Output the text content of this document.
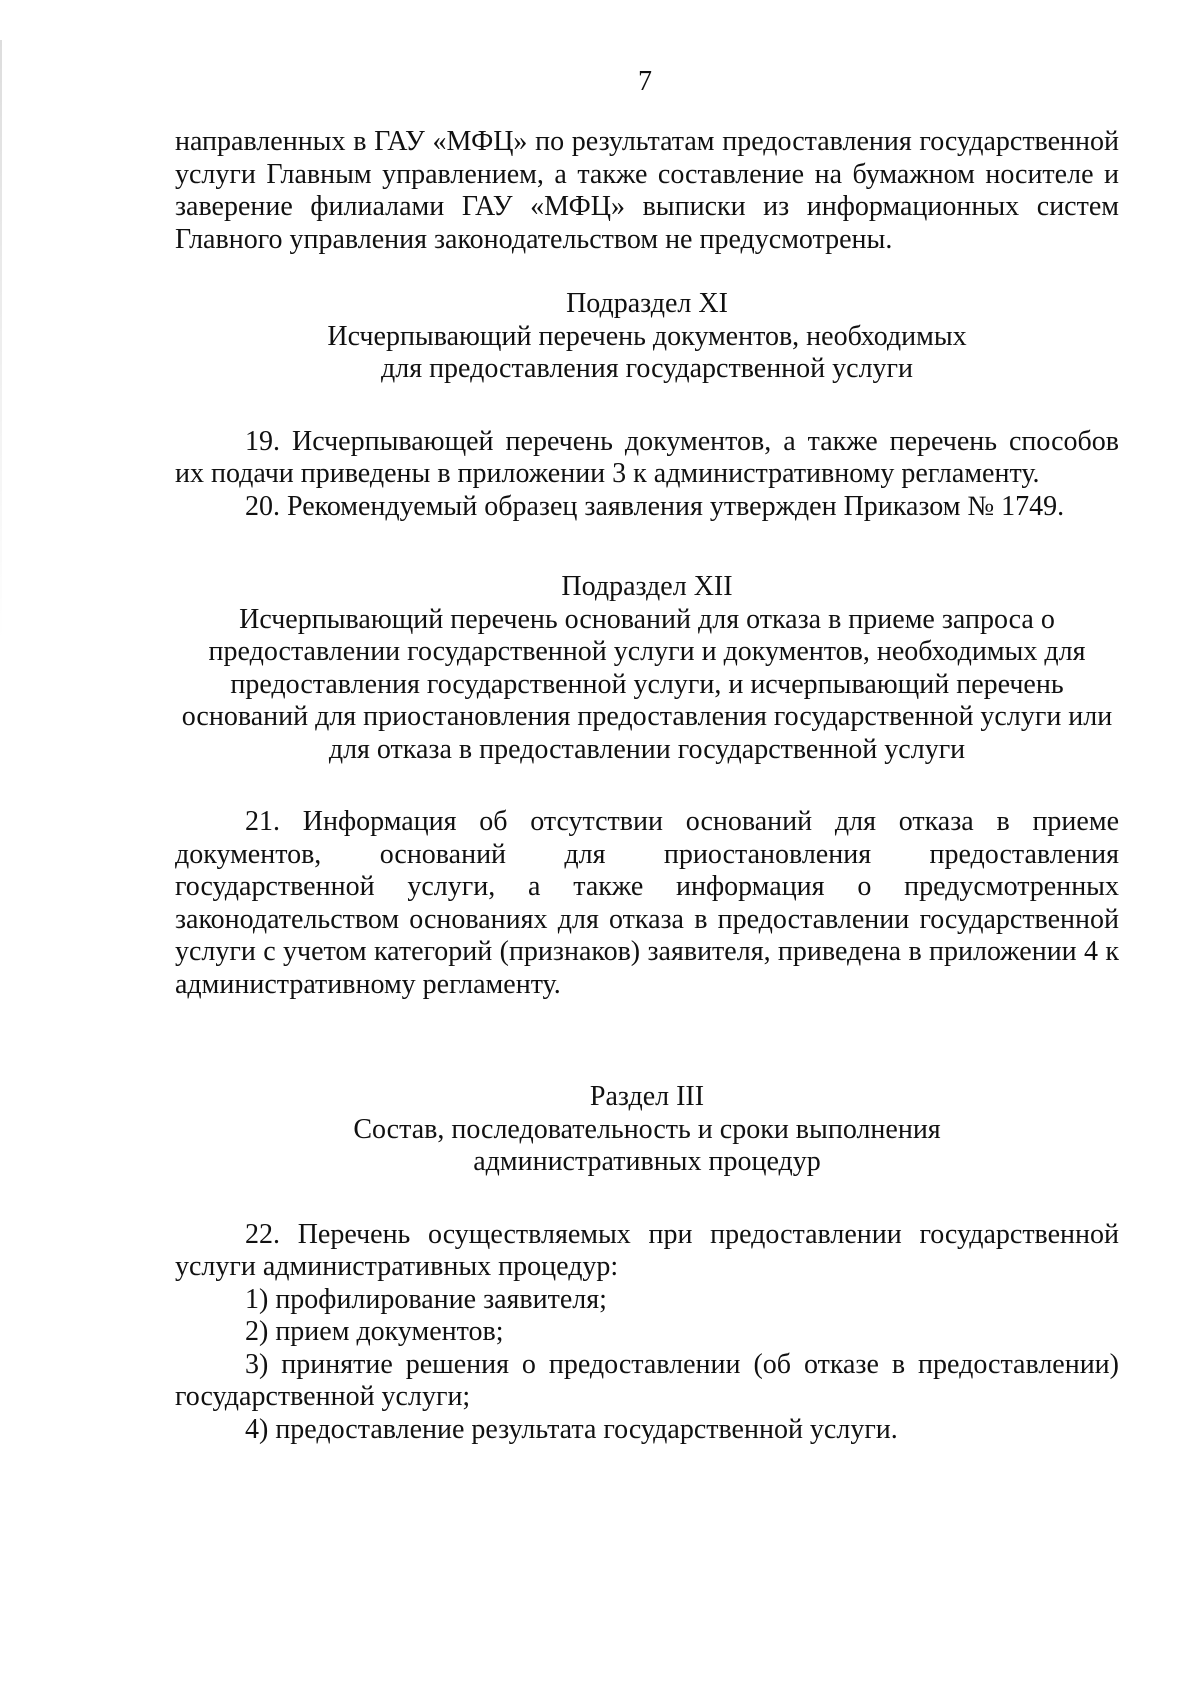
7

направленных в ГАУ «МФЦ» по результатам предоставления государственной услуги Главным управлением, а также составление на бумажном носителе и заверение филиалами ГАУ «МФЦ» выписки из информационных систем Главного управления законодательством не предусмотрены.

Подраздел XI

Исчерпывающий перечень документов, необходимых

для предоставления государственной услуги

19. Исчерпывающей перечень документов, а также перечень способов их подачи приведены в приложении 3 к административному регламенту.

20. Рекомендуемый образец заявления утвержден Приказом № 1749.

Подраздел XII

Исчерпывающий перечень оснований для отказа в приеме запроса о

предоставлении государственной услуги и документов, необходимых для

предоставления государственной услуги, и исчерпывающий перечень

оснований для приостановления предоставления государственной услуги или

для отказа в предоставлении государственной услуги

21. Информация об отсутствии оснований для отказа в приеме документов, оснований для приостановления предоставления государственной услуги, а также информация о предусмотренных законодательством основаниях для отказа в предоставлении государственной услуги с учетом категорий (признаков) заявителя, приведена в приложении 4 к административному регламенту.

Раздел III

Состав, последовательность и сроки выполнения

административных процедур

22. Перечень осуществляемых при предоставлении государственной услуги административных процедур:

1) профилирование заявителя;

2) прием документов;

3) принятие решения о предоставлении (об отказе в предоставлении) государственной услуги;

4) предоставление результата государственной услуги.
